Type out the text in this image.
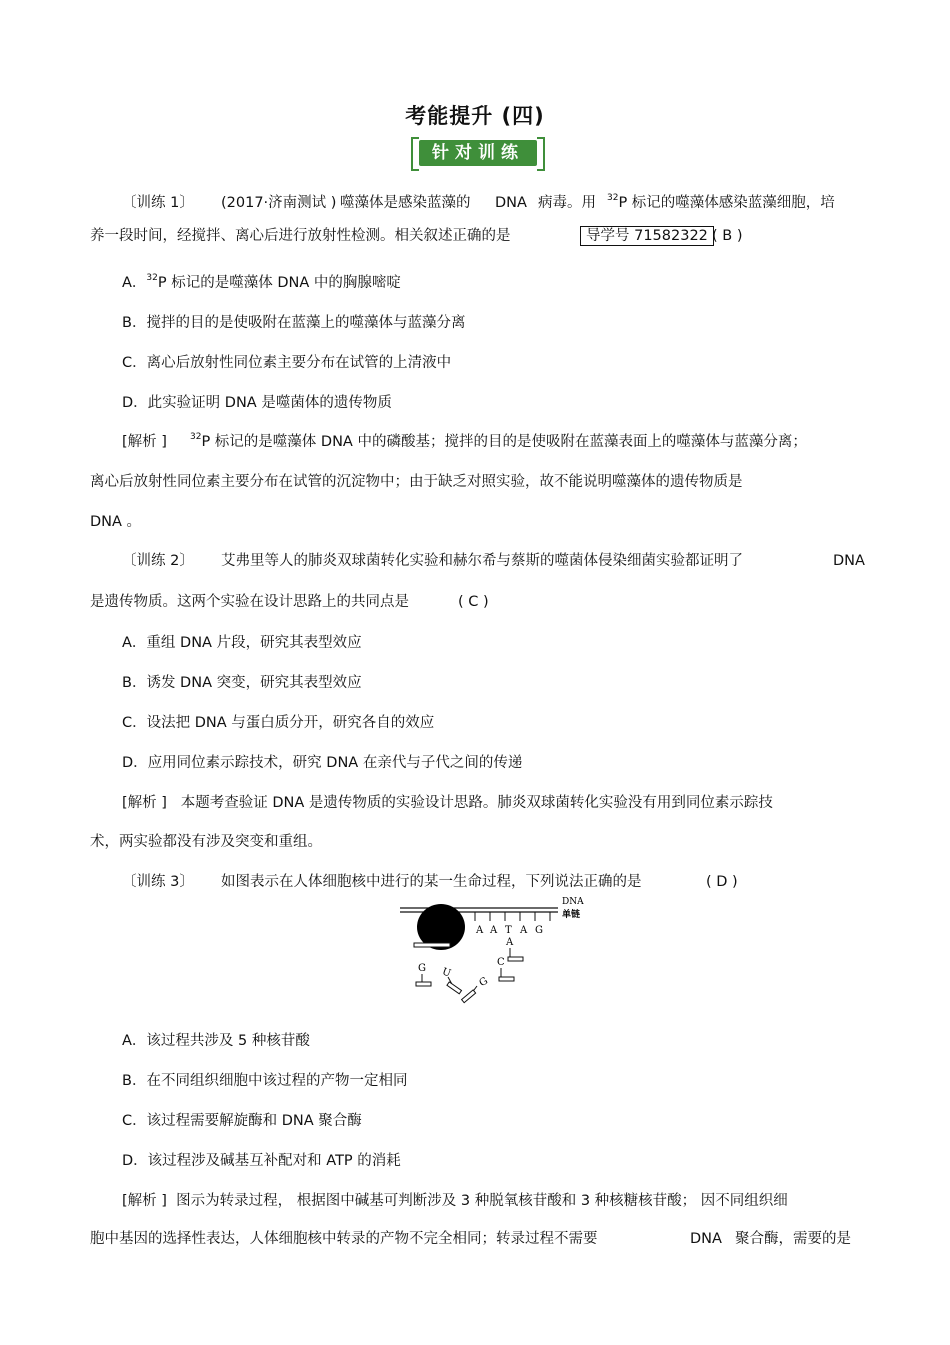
考能提升 (四)
针对训练
〔训练 1〕 (2017·济南测试 ) 噬藻体是感染蓝藻的 DNA 病毒。用 $^{32}$P 标记的噬藻体感染蓝藻细胞，培
养一段时间，经搅拌、离心后进行放射性检测。相关叙述正确的是	导学号 71582322 ( B )
A．$^{32}$P 标记的是噬藻体 DNA 中的胸腺嘧啶
B．搅拌的目的是使吸附在蓝藻上的噬藻体与蓝藻分离
C．离心后放射性同位素主要分布在试管的上清液中
D．此实验证明 DNA 是噬菌体的遗传物质
[解析 ]	$^{32}$P 标记的是噬藻体 DNA 中的磷酸基；搅拌的目的是使吸附在蓝藻表面上的噬藻体与蓝藻分离；
离心后放射性同位素主要分布在试管的沉淀物中；由于缺乏对照实验，故不能说明噬藻体的遗传物质是
DNA 。
〔训练 2〕 艾弗里等人的肺炎双球菌转化实验和赫尔希与蔡斯的噬菌体侵染细菌实验都证明了	DNA
是遗传物质。这两个实验在设计思路上的共同点是	( C )
A．重组 DNA 片段，研究其表型效应
B．诱发 DNA 突变，研究其表型效应
C．设法把 DNA 与蛋白质分开，研究各自的效应
D．应用同位素示踪技术，研究 DNA 在亲代与子代之间的传递
[解析 ] 本题考查验证 DNA 是遗传物质的实验设计思路。肺炎双球菌转化实验没有用到同位素示踪技
术，两实验都没有涉及突变和重组。
〔训练 3〕 如图表示在人体细胞核中进行的某一生命过程，下列说法正确的是	( D )
DNA
单链
A A T A G
A
G U
G
C
A．该过程共涉及 5 种核苷酸
B．在不同组织细胞中该过程的产物一定相同
C．该过程需要解旋酶和 DNA 聚合酶
D．该过程涉及碱基互补配对和 ATP 的消耗
[解析 ] 图示为转录过程， 根据图中碱基可判断涉及 3 种脱氧核苷酸和 3 种核糖核苷酸； 因不同组织细
胞中基因的选择性表达，人体细胞核中转录的产物不完全相同；转录过程不需要	DNA 聚合酶，需要的是
